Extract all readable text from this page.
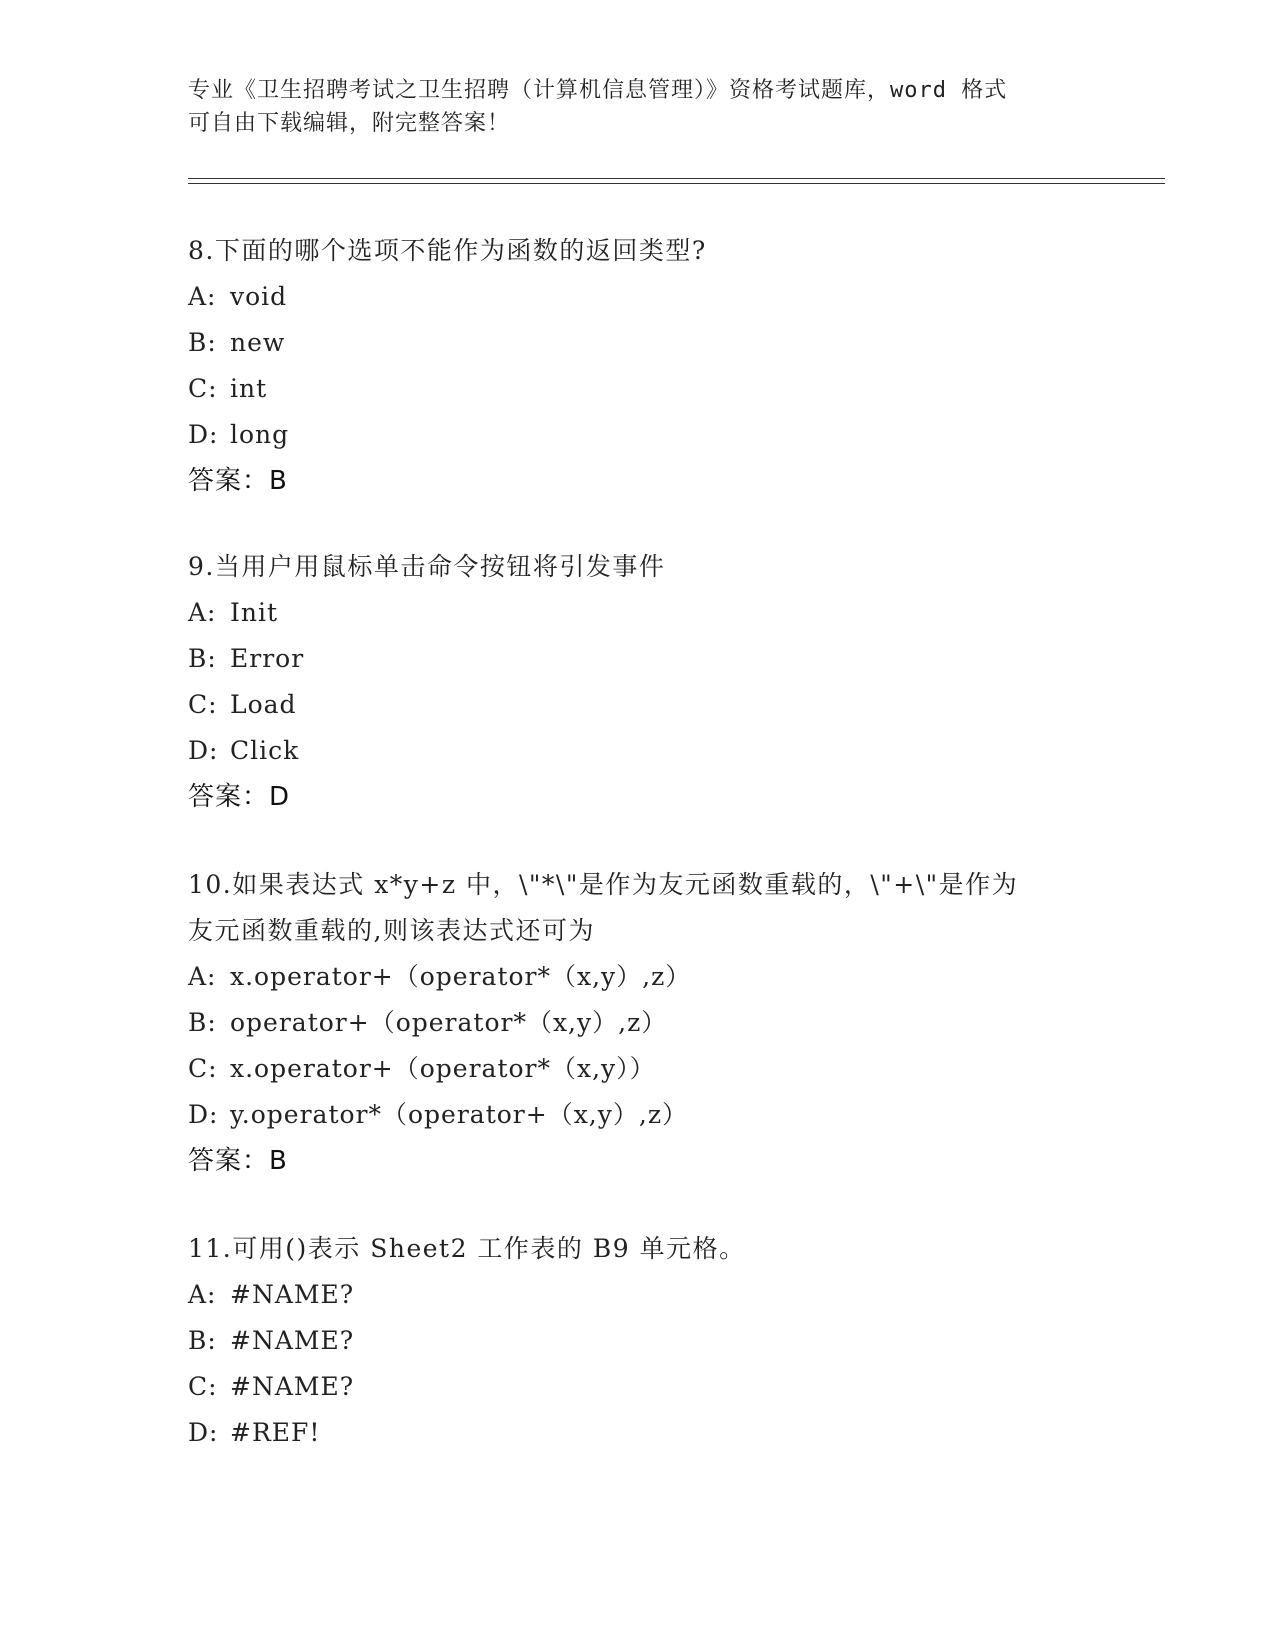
专业《卫生招聘考试之卫生招聘（计算机信息管理）》资格考试题库，word 格式
可自由下载编辑，附完整答案！

8.下面的哪个选项不能作为函数的返回类型?

A: void

B: new

C: int

D: long

答案：B

9.当用户用鼠标单击命令按钮将引发事件

A: Init

B: Error

C: Load

D: Click

答案：D

10.如果表达式 x*y+z 中，\"*\"是作为友元函数重载的，\"+\"是作为

友元函数重载的,则该表达式还可为

A: x.operator+（operator*（x,y）,z）

B: operator+（operator*（x,y）,z）

C: x.operator+（operator*（x,y））

D: y.operator*（operator+（x,y）,z）

答案：B

11.可用()表示 Sheet2 工作表的 B9 单元格。

A: #NAME?

B: #NAME?

C: #NAME?

D: #REF!
